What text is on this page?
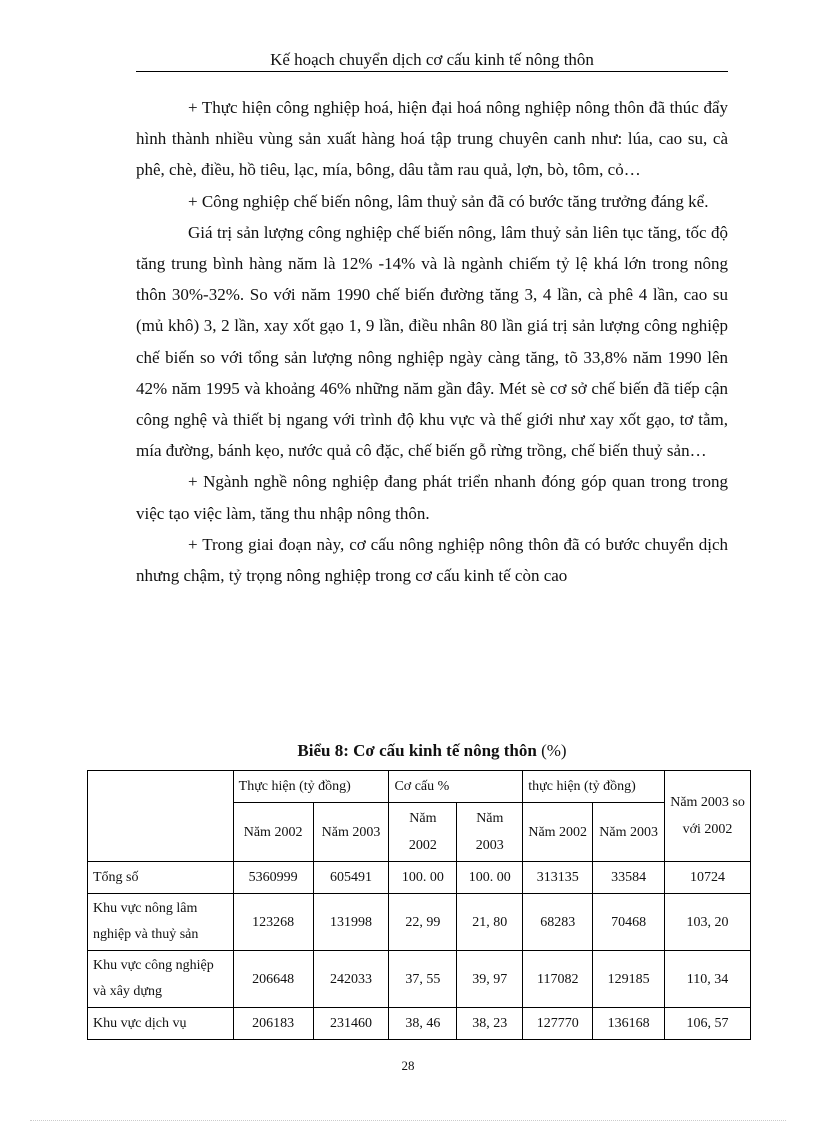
Kế hoạch chuyển dịch cơ cấu kinh tế nông thôn

+ Thực hiện công nghiệp hoá, hiện đại hoá nông nghiệp nông thôn đã thúc đẩy hình thành nhiều vùng sản xuất hàng hoá tập trung chuyên canh như: lúa, cao su, cà phê, chè, điều, hồ tiêu, lạc, mía, bông, dâu tằm rau quả, lợn, bò, tôm, cỏ…

+ Công nghiệp chế biến nông, lâm thuỷ sản đã có bước tăng trưởng đáng kể.

Giá trị sản lượng công nghiệp chế biến nông, lâm thuỷ sản liên tục tăng, tốc độ tăng trung bình hàng năm là 12% -14% và là ngành chiếm tỷ lệ khá lớn trong nông thôn 30%-32%. So với năm 1990 chế biến đường tăng 3, 4 lần, cà phê 4 lần, cao su (mủ khô) 3, 2 lần, xay xốt gạo 1, 9 lần, điều nhân 80 lần giá trị sản lượng công nghiệp chế biến so với tổng sản lượng nông nghiệp ngày càng tăng, tõ 33,8% năm 1990 lên 42% năm 1995 và khoảng 46% những năm gần đây. Mét sè cơ sở chế biến đã tiếp cận công nghệ và thiết bị ngang với trình độ khu vực và thế giới như xay xốt gạo, tơ tằm, mía đường, bánh kẹo, nước quả cô đặc, chế biến gỗ rừng trồng, chế biến thuỷ sản…

+ Ngành nghề nông nghiệp đang phát triển nhanh đóng góp quan trong trong việc tạo việc làm, tăng thu nhập nông thôn.

+ Trong giai đoạn này, cơ cấu nông nghiệp nông thôn đã có bước chuyển dịch nhưng chậm, tỷ trọng nông nghiệp trong cơ cấu kinh tế còn cao

Biểu 8: Cơ cấu kinh tế nông thôn (%)
	Thực hiện (tỷ đồng)		Cơ cấu %		thực hiện (tỷ đồng)		Năm 2003 so với 2002
	Năm 2002	Năm 2003	Năm 2002	Năm 2003	Năm 2002	Năm 2003	
Tổng số	5360999	605491	100. 00	100. 00	313135	33584	10724
Khu vực nông lâm nghiệp và thuỷ sản	123268	131998	22, 99	21, 80	68283	70468	103, 20
Khu vực công nghiệp và xây dựng	206648	242033	37, 55	39, 97	117082	129185	110, 34
Khu vực dịch vụ	206183	231460	38, 46	38, 23	127770	136168	106, 57
28
